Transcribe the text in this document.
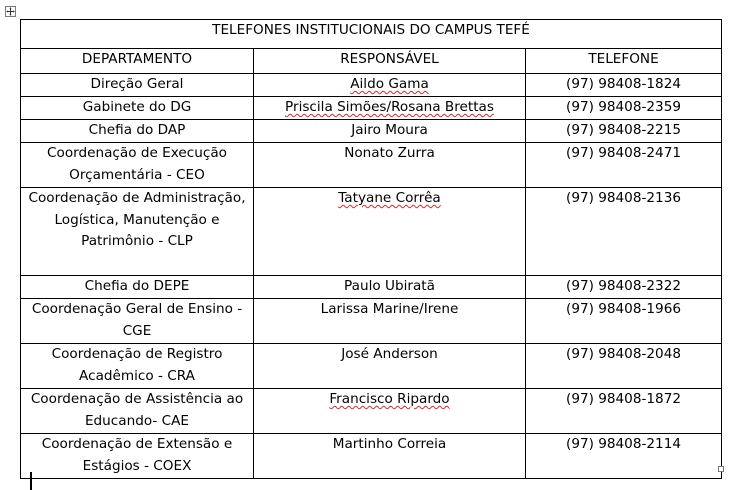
TELEFONES INSTITUCIONAIS DO CAMPUS TEFÉ		
DEPARTAMENTO	RESPONSÁVEL	TELEFONE
Direção Geral	Aildo Gama	(97) 98408-1824
Gabinete do DG	Priscila Simões/Rosana Brettas	(97) 98408-2359
Chefia do DAP	Jairo Moura	(97) 98408-2215
Coordenação de Execução Orçamentária - CEO	Nonato Zurra	(97) 98408-2471
Coordenação de Administração, Logística, Manutenção e Patrimônio - CLP	Tatyane Corrêa	(97) 98408-2136
Chefia do DEPE	Paulo Ubiratã	(97) 98408-2322
Coordenação Geral de Ensino - CGE	Larissa Marine/Irene	(97) 98408-1966
Coordenação de Registro Acadêmico - CRA	José Anderson	(97) 98408-2048
Coordenação de Assistência ao Educando- CAE	Francisco Ripardo	(97) 98408-1872
Coordenação de Extensão e Estágios - COEX	Martinho Correia	(97) 98408-2114
